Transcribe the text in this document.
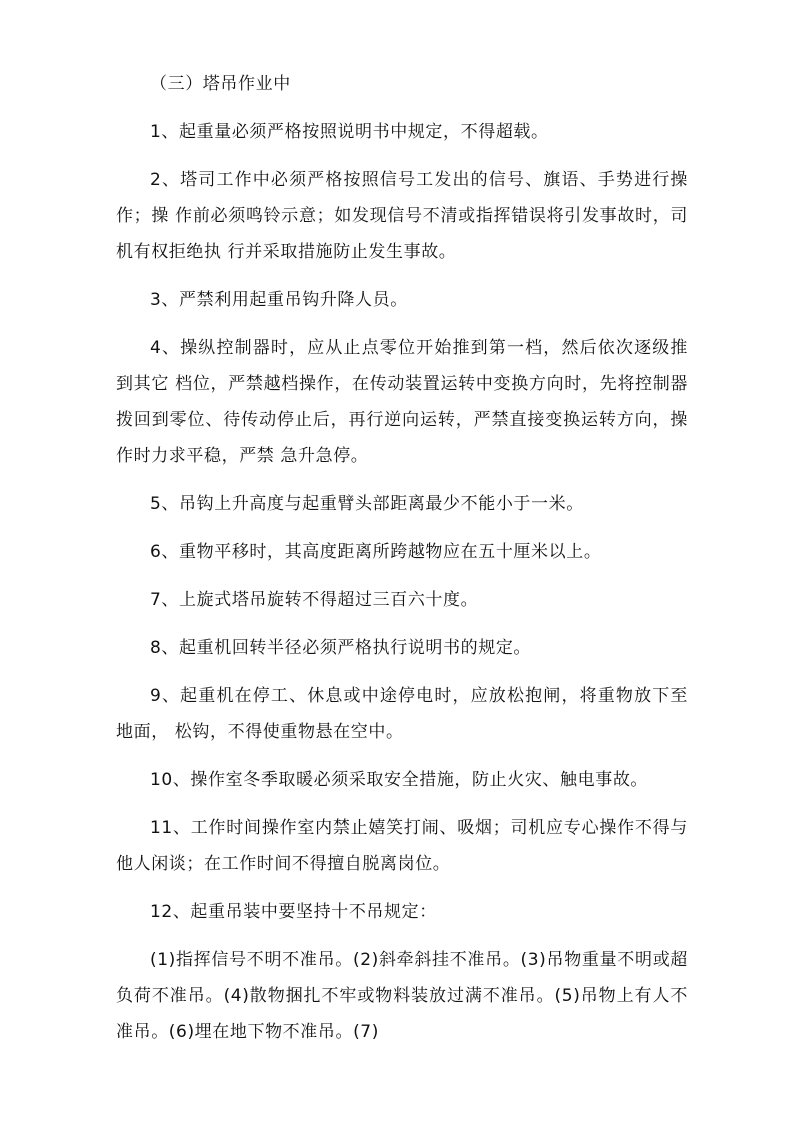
（三）塔吊作业中

1、起重量必须严格按照说明书中规定，不得超载。

2、塔司工作中必须严格按照信号工发出的信号、旗语、手势进行操作；操 作前必须鸣铃示意；如发现信号不清或指挥错误将引发事故时，司机有权拒绝执 行并采取措施防止发生事故。

3、严禁利用起重吊钩升降人员。

4、操纵控制器时，应从止点零位开始推到第一档，然后依次逐级推到其它 档位，严禁越档操作，在传动装置运转中变换方向时，先将控制器拨回到零位、待传动停止后，再行逆向运转，严禁直接变换运转方向，操作时力求平稳，严禁 急升急停。

5、吊钩上升高度与起重臂头部距离最少不能小于一米。

6、重物平移时，其高度距离所跨越物应在五十厘米以上。

7、上旋式塔吊旋转不得超过三百六十度。

8、起重机回转半径必须严格执行说明书的规定。

9、起重机在停工、休息或中途停电时，应放松抱闸，将重物放下至地面， 松钩，不得使重物悬在空中。

10、操作室冬季取暖必须采取安全措施，防止火灾、触电事故。

11、工作时间操作室内禁止嬉笑打闹、吸烟；司机应专心操作不得与他人闲谈；在工作时间不得擅自脱离岗位。

12、起重吊装中要坚持十不吊规定：

(1)指挥信号不明不准吊。(2)斜牵斜挂不准吊。(3)吊物重量不明或超 负荷不准吊。(4)散物捆扎不牢或物料装放过满不准吊。(5)吊物上有人不准吊。(6)埋在地下物不准吊。(7)
